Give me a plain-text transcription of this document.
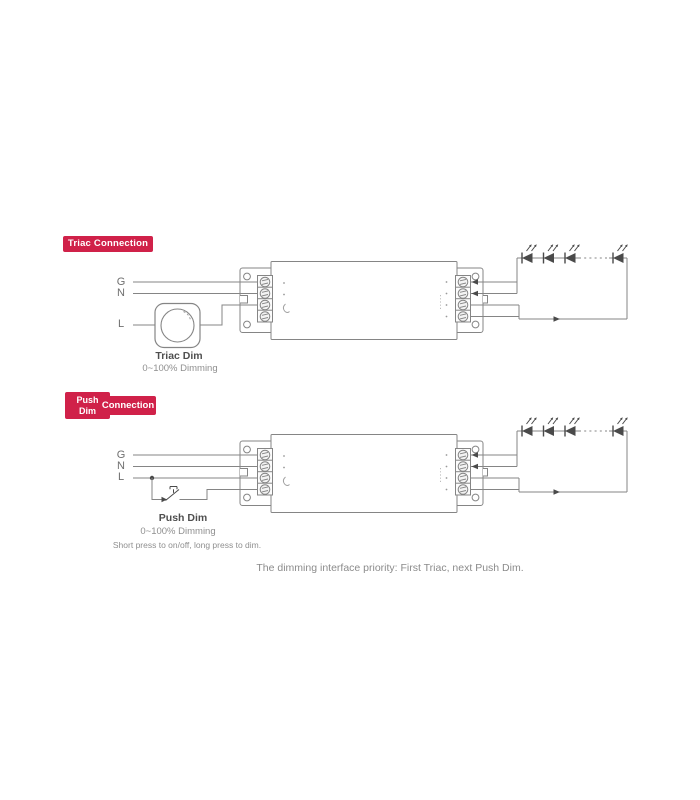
Triac Connection
G
N
L
Triac Dim
0~100% Dimming
Push
Dim Connection
G
N
L
Push Dim
0~100% Dimming
Short press to on/off, long press to dim.
The dimming interface priority: First Triac, next Push Dim.
